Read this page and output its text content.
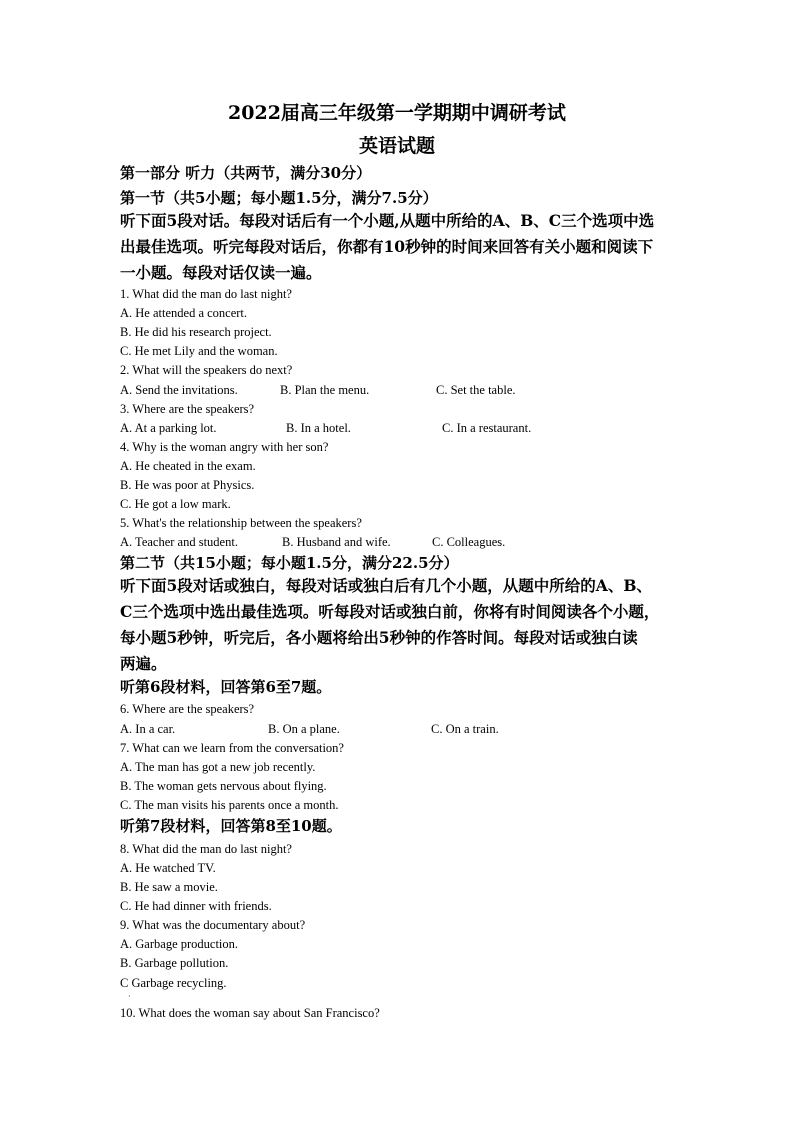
2022届高三年级第一学期期中调研考试
英语试题
第一部分 听力（共两节，满分30分）
第一节（共5小题；每小题1.5分，满分7.5分）
听下面5段对话。每段对话后有一个小题,从题中所给的A、B、C三个选项中选
出最佳选项。听完每段对话后，你都有10秒钟的时间来回答有关小题和阅读下
一小题。每段对话仅读一遍。
1. What did the man do last night?
A. He attended a concert.
B. He did his research project.
C. He met Lily and the woman.
2. What will the speakers do next?
A. Send the invitations.	B. Plan the menu.	C. Set the table.
3. Where are the speakers?
A. At a parking lot.	B. In a hotel.	C. In a restaurant.
4. Why is the woman angry with her son?
A. He cheated in the exam.
B. He was poor at Physics.
C. He got a low mark.
5. What's the relationship between the speakers?
A. Teacher and student.	B. Husband and wife.	C. Colleagues.
第二节（共15小题；每小题1.5分，满分22.5分）
听下面5段对话或独白，每段对话或独白后有几个小题，从题中所给的A、B、
C三个选项中选出最佳选项。听每段对话或独白前，你将有时间阅读各个小题，
每小题5秒钟，听完后，各小题将给出5秒钟的作答时间。每段对话或独白读
两遍。
听第6段材料，回答第6至7题。
6. Where are the speakers?
A. In a car.	B. On a plane.	C. On a train.
7. What can we learn from the conversation?
A. The man has got a new job recently.
B. The woman gets nervous about flying.
C. The man visits his parents once a month.
听第7段材料，回答第8至10题。
8. What did the man do last night?
A. He watched TV.
B. He saw a movie.
C. He had dinner with friends.
9. What was the documentary about?
A. Garbage production.
B. Garbage pollution.
C Garbage recycling.
·
10. What does the woman say about San Francisco?
